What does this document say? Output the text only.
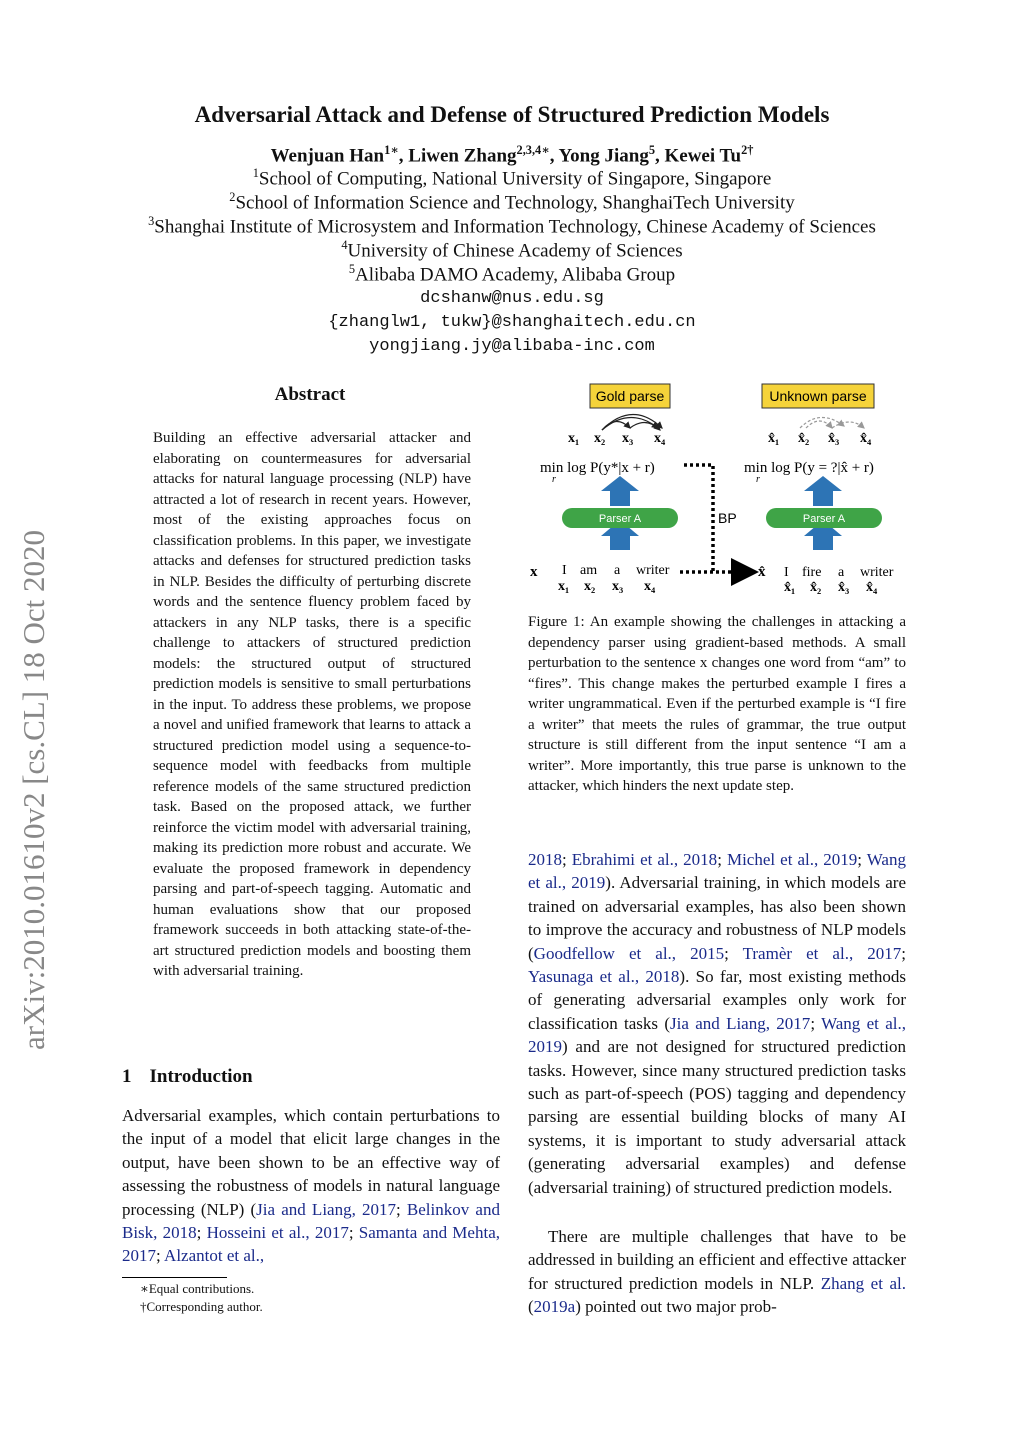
arXiv:2010.01610v2 [cs.CL] 18 Oct 2020
Adversarial Attack and Defense of Structured Prediction Models
Wenjuan Han$^{1∗}$, Liwen Zhang$^{2,3,4∗}$, Yong Jiang$^5$, Kewei $Tu^{2\dagger}$
$^1$School of Computing, National University of Singapore, Singapore
$^2$School of Information Science and Technology, ShanghaiTech University
$^3$Shanghai Institute of Microsystem and Information Technology, Chinese Academy of Sciences
$^4$University of Chinese Academy of Sciences
$^5$Alibaba DAMO Academy, Alibaba Group
dcshanw@nus.edu.sg
{zhanglw1, tukw}@shanghaitech.edu.cn
yongjiang.jy@alibaba-inc.com
Abstract
Building an effective adversarial attacker and elaborating on countermeasures for adversarial attacks for natural language processing (NLP) have attracted a lot of research in recent years. However, most of the existing approaches focus on classification problems. In this paper, we investigate attacks and defenses for structured prediction tasks in NLP. Besides the difficulty of perturbing discrete words and the sentence fluency problem faced by attackers in any NLP tasks, there is a specific challenge to attackers of structured prediction models: the structured output of structured prediction models is sensitive to small perturbations in the input. To address these problems, we propose a novel and unified framework that learns to attack a structured prediction model using a sequence-to-sequence model with feedbacks from multiple reference models of the same structured prediction task. Based on the proposed attack, we further reinforce the victim model with adversarial training, making its prediction more robust and accurate. We evaluate the proposed framework in dependency parsing and part-of-speech tagging. Automatic and human evaluations show that our proposed framework succeeds in both attacking state-of-the-art structured prediction models and boosting them with adversarial training.
1 Introduction
Adversarial examples, which contain perturbations to the input of a model that elicit large changes in the output, have been shown to be an effective way of assessing the robustness of models in natural language processing (NLP) (Jia and Liang, 2017; Belinkov and Bisk, 2018; Hosseini et al., 2017; Samanta and Mehta, 2017; Alzantot et al.,
∗Equal contributions.
†Corresponding author.
Gold parse	Unknown parse
x₁ x₂ x₃ x₄	x̂₁ x̂₂ x̂₃ x̂₄
min log P(y*|x + r)
r
min log P(y = ?|x̂ + r)
r
BP
Parser A	Parser A
x I am a writer	I fire a writer
x̂
x₁ x₂ x₃ x₄	x̂₁ x̂₂ x̂₃ x̂₄
Figure 1: An example showing the challenges in attacking a dependency parser using gradient-based methods. A small perturbation to the sentence x changes one word from “am” to “fires”. This change makes the perturbed example I fires a writer ungrammatical. Even if the perturbed example is “I fire a writer” that meets the rules of grammar, the true output structure is still different from the input sentence “I am a writer”. More importantly, this true parse is unknown to the attacker, which hinders the next update step.
2018; Ebrahimi et al., 2018; Michel et al., 2019; Wang et al., 2019). Adversarial training, in which models are trained on adversarial examples, has also been shown to improve the accuracy and robustness of NLP models (Goodfellow et al., 2015; Tramèr et al., 2017; Yasunaga et al., 2018). So far, most existing methods of generating adversarial examples only work for classification tasks (Jia and Liang, 2017; Wang et al., 2019) and are not designed for structured prediction tasks. However, since many structured prediction tasks such as part-of-speech (POS) tagging and dependency parsing are essential building blocks of many AI systems, it is important to study adversarial attack (generating adversarial examples) and defense (adversarial training) of structured prediction models.
There are multiple challenges that have to be addressed in building an efficient and effective attacker for structured prediction models in NLP. Zhang et al. (2019a) pointed out two major prob-
